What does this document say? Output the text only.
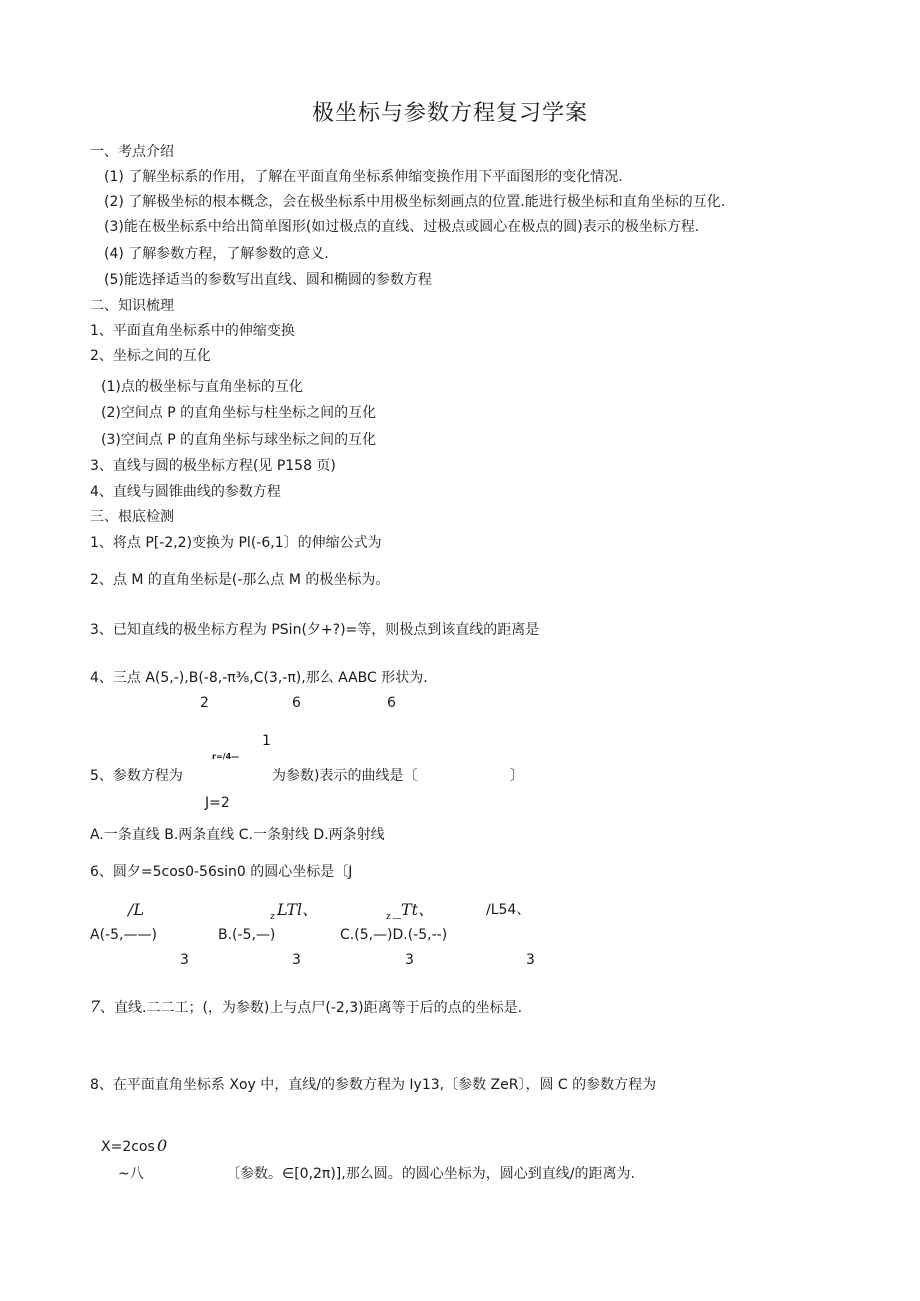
极坐标与参数方程复习学案
一、考点介绍
(1) 了解坐标系的作用，了解在平面直角坐标系伸缩变换作用下平面图形的变化情况.
(2) 了解极坐标的根本概念，会在极坐标系中用极坐标刻画点的位置.能进行极坐标和直角坐标的互化.
(3)能在极坐标系中给出简单图形(如过极点的直线、过极点或圆心在极点的圆)表示的极坐标方程.
(4) 了解参数方程，了解参数的意义.
(5)能选择适当的参数写出直线、圆和椭圆的参数方程
二、知识梳理
1、平面直角坐标系中的伸缩变换
2、坐标之间的互化
(1)点的极坐标与直角坐标的互化
(2)空间点 P 的直角坐标与柱坐标之间的互化
(3)空间点 P 的直角坐标与球坐标之间的互化
3、直线与圆的极坐标方程(见 P158 页)
4、直线与圆锥曲线的参数方程
三、根底检测
1、将点 P[-2,2)变换为 Pl(-6,1〕的伸缩公式为
2、点 M 的直角坐标是(-那么点 M 的极坐标为。
3、已知直线的极坐标方程为 PSin(夕+?)=等，则极点到该直线的距离是
4、三点 A(5,-),B(-8,-π⅜,C(3,-π),那么 AABC 形状为.
2	6	6
1
r=/4—
5、参数方程为	为参数)表示的曲线是〔	〕
J=2
A.一条直线 B.两条直线 C.一条射线 D.两条射线
6、圆夕=5cos0-56sin0 的圆心坐标是〔J
/L	z LTl、	z _Tt、	∕L54、
A(-5,——)	B.(-5,—)	C.(5,—)D.(-5,--)
3	3	3	3
7 、直线.二二工；(，为参数)上与点尸(-2,3)距离等于后的点的坐标是.
8、在平面直角坐标系 Xoy 中，直线/的参数方程为 Iy13,〔参数 ZeR〕，圆 C 的参数方程为
X=2cos 0
~八	〔参数。∈[0,2π)],那么圆。的圆心坐标为，圆心到直线/的距离为.
